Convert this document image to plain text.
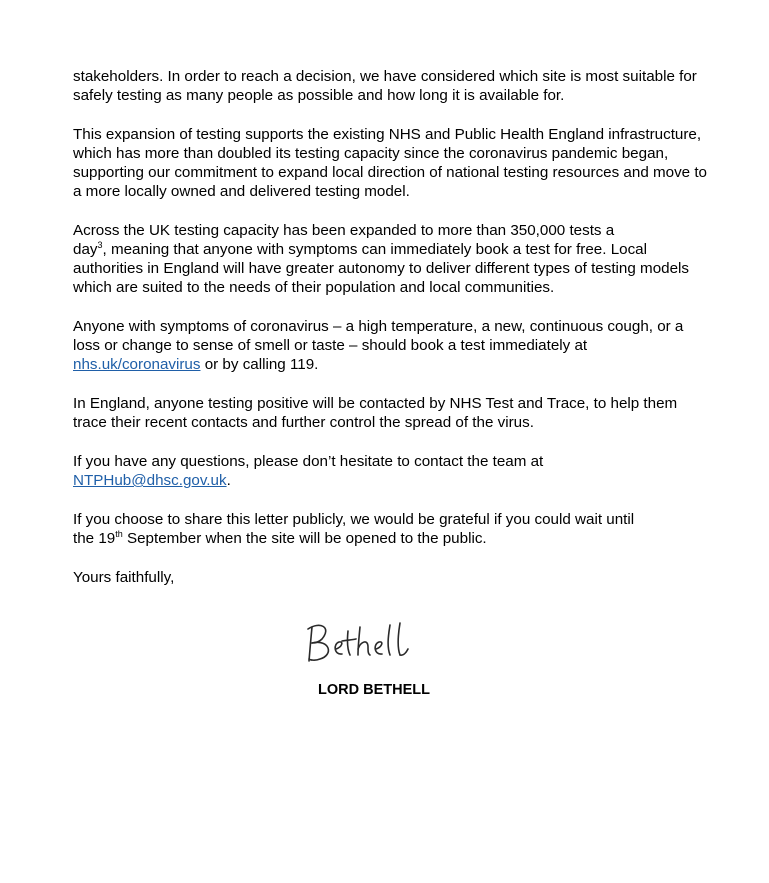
stakeholders. In order to reach a decision, we have considered which site is most suitable for safely testing as many people as possible and how long it is available for.

This expansion of testing supports the existing NHS and Public Health England infrastructure, which has more than doubled its testing capacity since the coronavirus pandemic began, supporting our commitment to expand local direction of national testing resources and move to a more locally owned and delivered testing model.

Across the UK testing capacity has been expanded to more than 350,000 tests a
day$^3$, meaning that anyone with symptoms can immediately book a test for free. Local authorities in England will have greater autonomy to deliver different types of testing models which are suited to the needs of their population and local communities.

Anyone with symptoms of coronavirus – a high temperature, a new, continuous cough, or a loss or change to sense of smell or taste – should book a test immediately at nhs.uk/coronavirus or by calling 119.

In England, anyone testing positive will be contacted by NHS Test and Trace, to help them trace their recent contacts and further control the spread of the virus.

If you have any questions, please don’t hesitate to contact the team at
NTPHub@dhsc.gov.uk.

If you choose to share this letter publicly, we would be grateful if you could wait until
the 19th September when the site will be opened to the public.

Yours faithfully,

LORD BETHELL
